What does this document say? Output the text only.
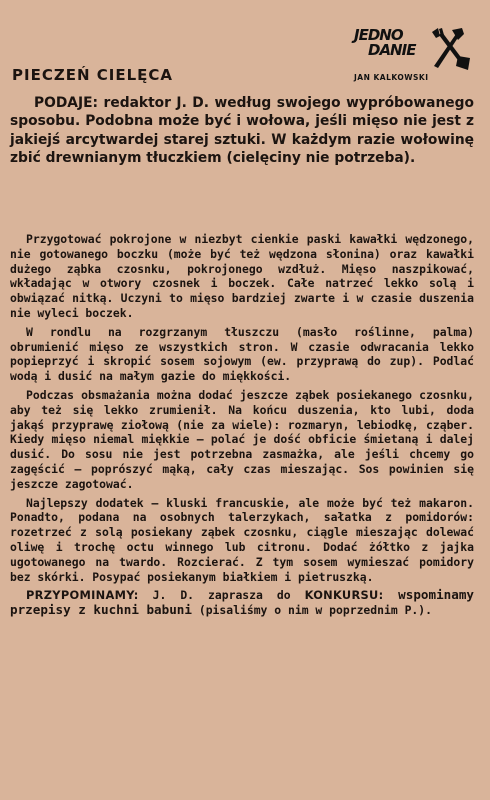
JEDNO
DANIE
JAN KALKOWSKI
PIECZEŃ CIELĘCA

PODAJE: redaktor J. D. według swojego wypróbowanego sposobu. Podobna może być i wołowa, jeśli mięso nie jest z jakiejś arcytwardej starej sztuki. W każdym razie wołowinę zbić drewnianym tłuczkiem (cielęciny nie potrzeba).

Przygotować pokrojone w niezbyt cienkie paski kawałki wędzonego, nie gotowanego boczku (może być też wędzona słonina) oraz kawałki dużego ząbka czosnku, pokrojonego wzdłuż. Mięso naszpikować, wkładając w otwory czosnek i boczek. Całe natrzeć lekko solą i obwiązać nitką. Uczyni to mięso bardziej zwarte i w czasie duszenia nie wyleci boczek.

W rondlu na rozgrzanym tłuszczu (masło roślinne, palma) obrumienić mięso ze wszystkich stron. W czasie odwracania lekko popieprzyć i skropić sosem sojowym (ew. przyprawą do zup). Podlać wodą i dusić na małym gazie do miękkości.

Podczas obsmażania można dodać jeszcze ząbek posiekanego czosnku, aby też się lekko zrumienił. Na końcu duszenia, kto lubi, doda jakąś przyprawę ziołową (nie za wiele): rozmaryn, lebiodkę, cząber. Kiedy mięso niemal miękkie — polać je dość obficie śmietaną i dalej dusić. Do sosu nie jest potrzebna zasmażka, ale jeśli chcemy go zagęścić — poprószyć mąką, cały czas mieszając. Sos powinien się jeszcze zagotować.

Najlepszy dodatek — kluski francuskie, ale może być też makaron. Ponadto, podana na osobnych talerzykach, sałatka z pomidorów: rozetrzeć z solą posiekany ząbek czosnku, ciągle mieszając dolewać oliwę i trochę octu winnego lub citronu. Dodać żółtko z jajka ugotowanego na twardo. Rozcierać. Z tym sosem wymieszać pomidory bez skórki. Posypać posiekanym białkiem i pietruszką.

PRZYPOMINAMY: J. D. zaprasza do KONKURSU: wspominamy przepisy z kuchni babuni (pisaliśmy o nim w poprzednim P.).
